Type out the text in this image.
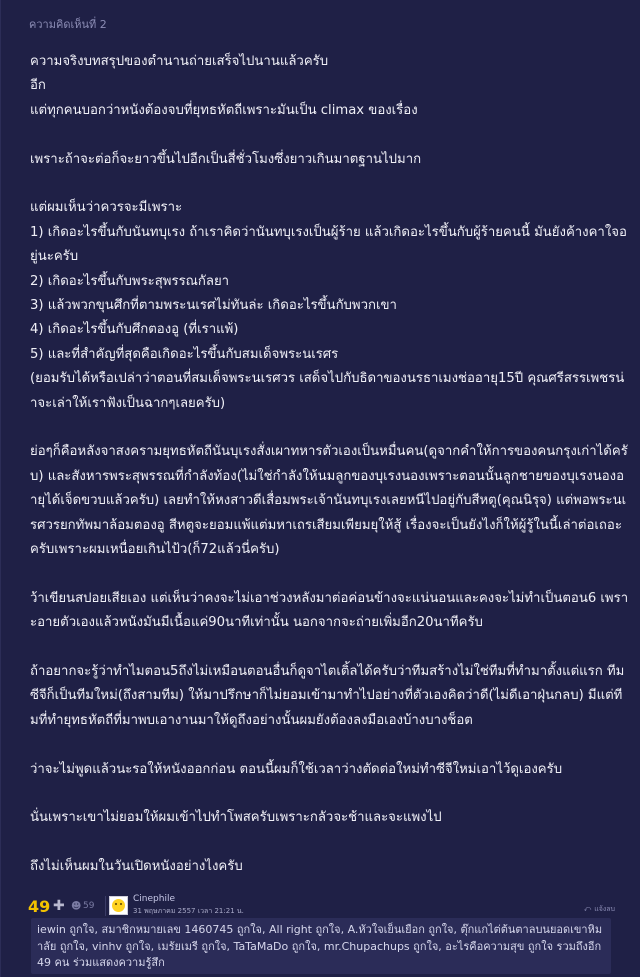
ความคิดเห็นที่ 2

ความจริงบทสรุปของตำนานถ่ายเสร็จไปนานแล้วครับ

อีก

แต่ทุกคนบอกว่าหนังต้องจบที่ยุทธหัตถีเพราะมันเป็น climax ของเรื่อง

เพราะถ้าจะต่อก็จะยาวขึ้นไปอีกเป็นสี่ชั่วโมงซึ่งยาวเกินมาตฐานไปมาก

แต่ผมเห็นว่าควรจะมีเพราะ

1) เกิดอะไรขึ้นกับนันทบุเรง ถ้าเราคิดว่านันทบุเรงเป็นผู้ร้าย แล้วเกิดอะไรขึ้นกับผู้ร้ายคนนี้ มันยังค้างคาใจอยู่นะครับ

2) เกิดอะไรขึ้นกับพระสุพรรณกัลยา

3) แล้วพวกขุนศึกที่ตามพระนเรศไม่ทันล่ะ เกิดอะไรขึ้นกับพวกเขา

4) เกิดอะไรขึ้นกับศึกตองอู (ที่เราแพ้)

5) และที่สำคัญที่สุดคือเกิดอะไรขึ้นกับสมเด็จพระนเรศร

(ยอมรับได้หรือเปล่าว่าตอนที่สมเด็จพระนเรศวร เสด็จไปกับธิดาของนรธาเมงช่ออายุ15ปี คุณศรีสรรเพชรน่าจะเล่าให้เราฟังเป็นฉากๆเลยครับ)

ย่อๆก็คือหลังจาสงครามยุทธหัตถีนันบุเรงสั่งเผาทหารตัวเองเป็นหมื่นคน(ดูจากคำให้การของคนกรุงเก่าได้ครับ) และสังหารพระสุพรรณที่กำลังท้อง(ไม่ใช่กำลังให้นมลูกของบุเรงนองเพราะตอนนั้นลูกชายของบุเรงนองอายุได้เจ็ดขวบแล้วครับ) เลยทำให้หงสาวดีเสื่อมพระเจ้านันทบุเรงเลยหนีไปอยู่กับสีหตู(คุณนิรุจ) แต่พอพระนเรศวรยกทัพมาล้อมตองอู สีหตูจะยอมแพ้แต่มหาเถรเสียมเพียมยุให้สู้ เรื่องจะเป็นยังไงก็ให้ผู้รู้ในนี้เล่าต่อเถอะครับเพราะผมเหนื่อยเกินไป้ว(ก็72แล้วนี่ครับ)

ว้าเขียนสปอยเสียเอง แต่เห็นว่าคงจะไม่เอาช่วงหลังมาต่อค่อนข้างจะแน่นอนและคงจะไม่ทำเป็นตอน6 เพราะอายตัวเองแล้วหนังมันมีเนื้อแค่90นาทีเท่านั้น นอกจากจะถ่ายเพิ่มอีก20นาทีครับ

ถ้าอยากจะรู้ว่าทำไมตอน5ถึงไม่เหมือนตอนอื่นก็ดูจาไตเติ้ลได้ครับว่าทีมสร้างไม่ใช่ทีมที่ทำมาตั้งแต่แรก ทีมซีจีก็เป็นทีมใหม่(ถึงสามทีม) ให้มาปรึกษาก็ไม่ยอมเข้ามาทำไปอย่างที่ตัวเองคิดว่าดี(ไม่ดีเอาฝุ่นกลบ) มีแต่ทีมที่ทำยุทธหัตถีที่มาพบเอางานมาให้ดูถึงอย่างนั้นผมยังต้องลงมือเองบ้างบางช็อต

ว่าจะไม่พูดแล้วนะรอให้หนังออกก่อน ตอนนี้ผมก็ใช้เวลาว่างตัดต่อใหม่ทำซีจีใหม่เอาไว้ดูเองครับ

นั่นเพราะเขาไม่ยอมให้ผมเข้าไปทำโพสครับเพราะกลัวจะช้าและจะแพงไป

ถึงไม่เห็นผมในวันเปิดหนังอย่างไงครับ

49 ✚ ☻ 59
Cinephile
31 พฤษภาคม 2557 เวลา 21:21 น.	⤺ แจ้งลบ
iewin ถูกใจ, สมาชิกหมายเลข 1460745 ถูกใจ, All right ถูกใจ, A.หัวใจเย็นเยือก ถูกใจ, ตุ๊กแกไต่ต้นตาลบนยอดเขาหิมาลัย ถูกใจ, vinhv ถูกใจ, เมรัยเมรี ถูกใจ, TaTaMaDo ถูกใจ, mr.Chupachups ถูกใจ, อะไรคือความสุข ถูกใจ รวมถึงอีก 49 คน ร่วมแสดงความรู้สึก
